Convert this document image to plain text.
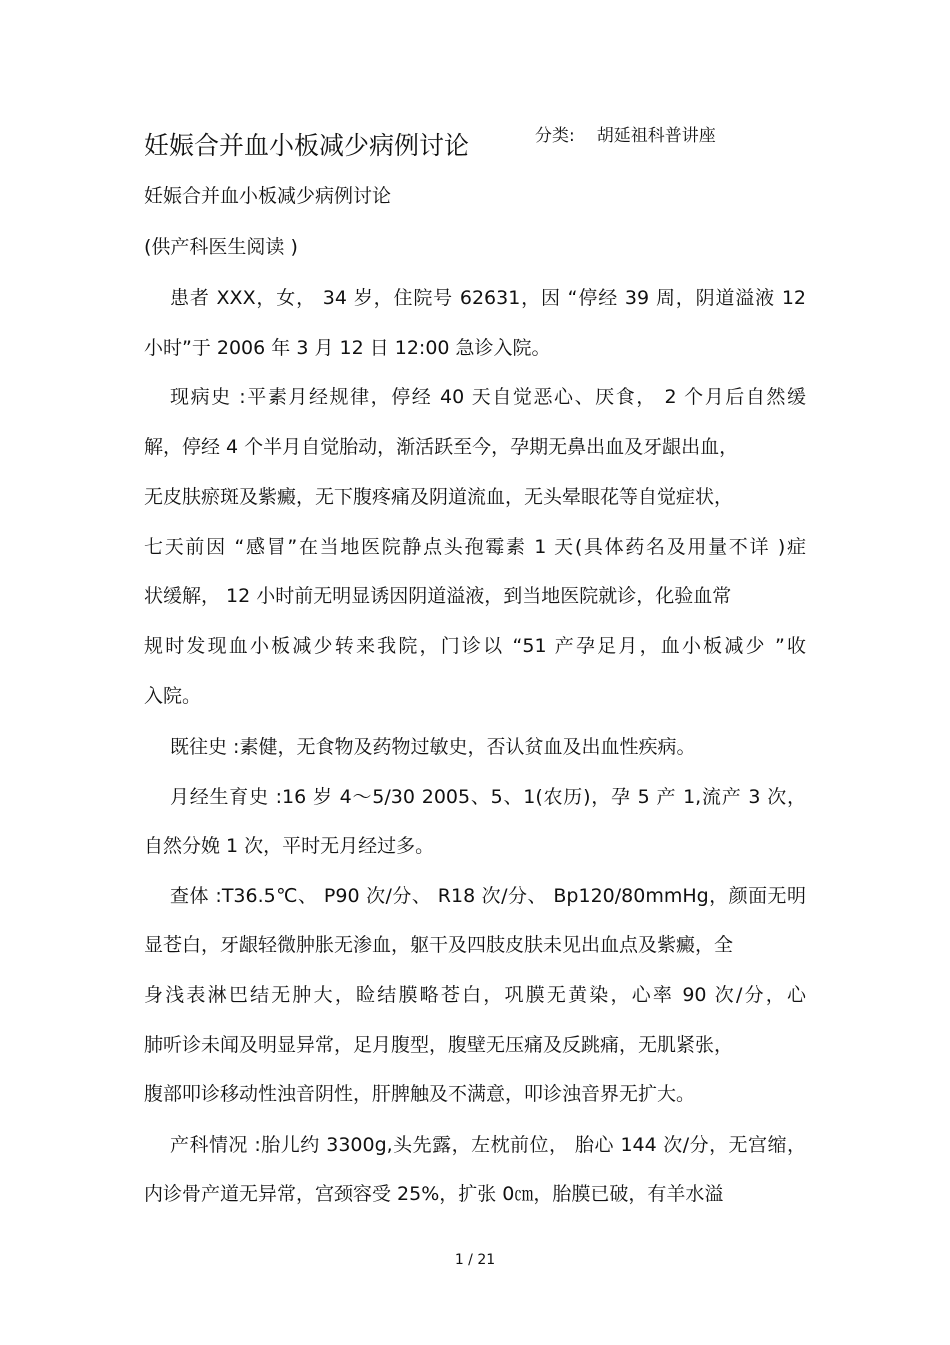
妊娠合并血小板减少病例讨论	分类: 胡延祖科普讲座
妊娠合并血小板减少病例讨论
(供产科医生阅读 )
患者 XXX，女， 34 岁，住院号 62631，因 “停经 39 周，阴道溢液 12
小时”于 2006 年 3 月 12 日 12:00 急诊入院。
现病史 :平素月经规律，停经 40 天自觉恶心、厌食， 2 个月后自然缓
解，停经 4 个半月自觉胎动，渐活跃至今，孕期无鼻出血及牙龈出血，
无皮肤瘀斑及紫癜，无下腹疼痛及阴道流血，无头晕眼花等自觉症状，
七天前因 “感冒”在当地医院静点头孢霉素 1 天(具体药名及用量不详 )症
状缓解， 12 小时前无明显诱因阴道溢液，到当地医院就诊，化验血常
规时发现血小板减少转来我院，门诊以 “51 产孕足月，血小板减少 ”收
入院。
既往史 :素健，无食物及药物过敏史，否认贫血及出血性疾病。
月经生育史 :16 岁 4～5/30 2005、5、1(农历)，孕 5 产 1,流产 3 次，
自然分娩 1 次，平时无月经过多。
查体 :T36.5℃、 P90 次/分、 R18 次/分、 Bp120/80mmHg，颜面无明
显苍白，牙龈轻微肿胀无渗血，躯干及四肢皮肤未见出血点及紫癜，全
身浅表淋巴结无肿大，睑结膜略苍白，巩膜无黄染，心率 90 次/分，心
肺听诊未闻及明显异常，足月腹型，腹壁无压痛及反跳痛，无肌紧张，
腹部叩诊移动性浊音阴性，肝脾触及不满意，叩诊浊音界无扩大。
产科情况 :胎儿约 3300g,头先露，左枕前位， 胎心 144 次/分，无宫缩，
内诊骨产道无异常，宫颈容受 25%，扩张 0㎝，胎膜已破，有羊水溢
1 / 21
